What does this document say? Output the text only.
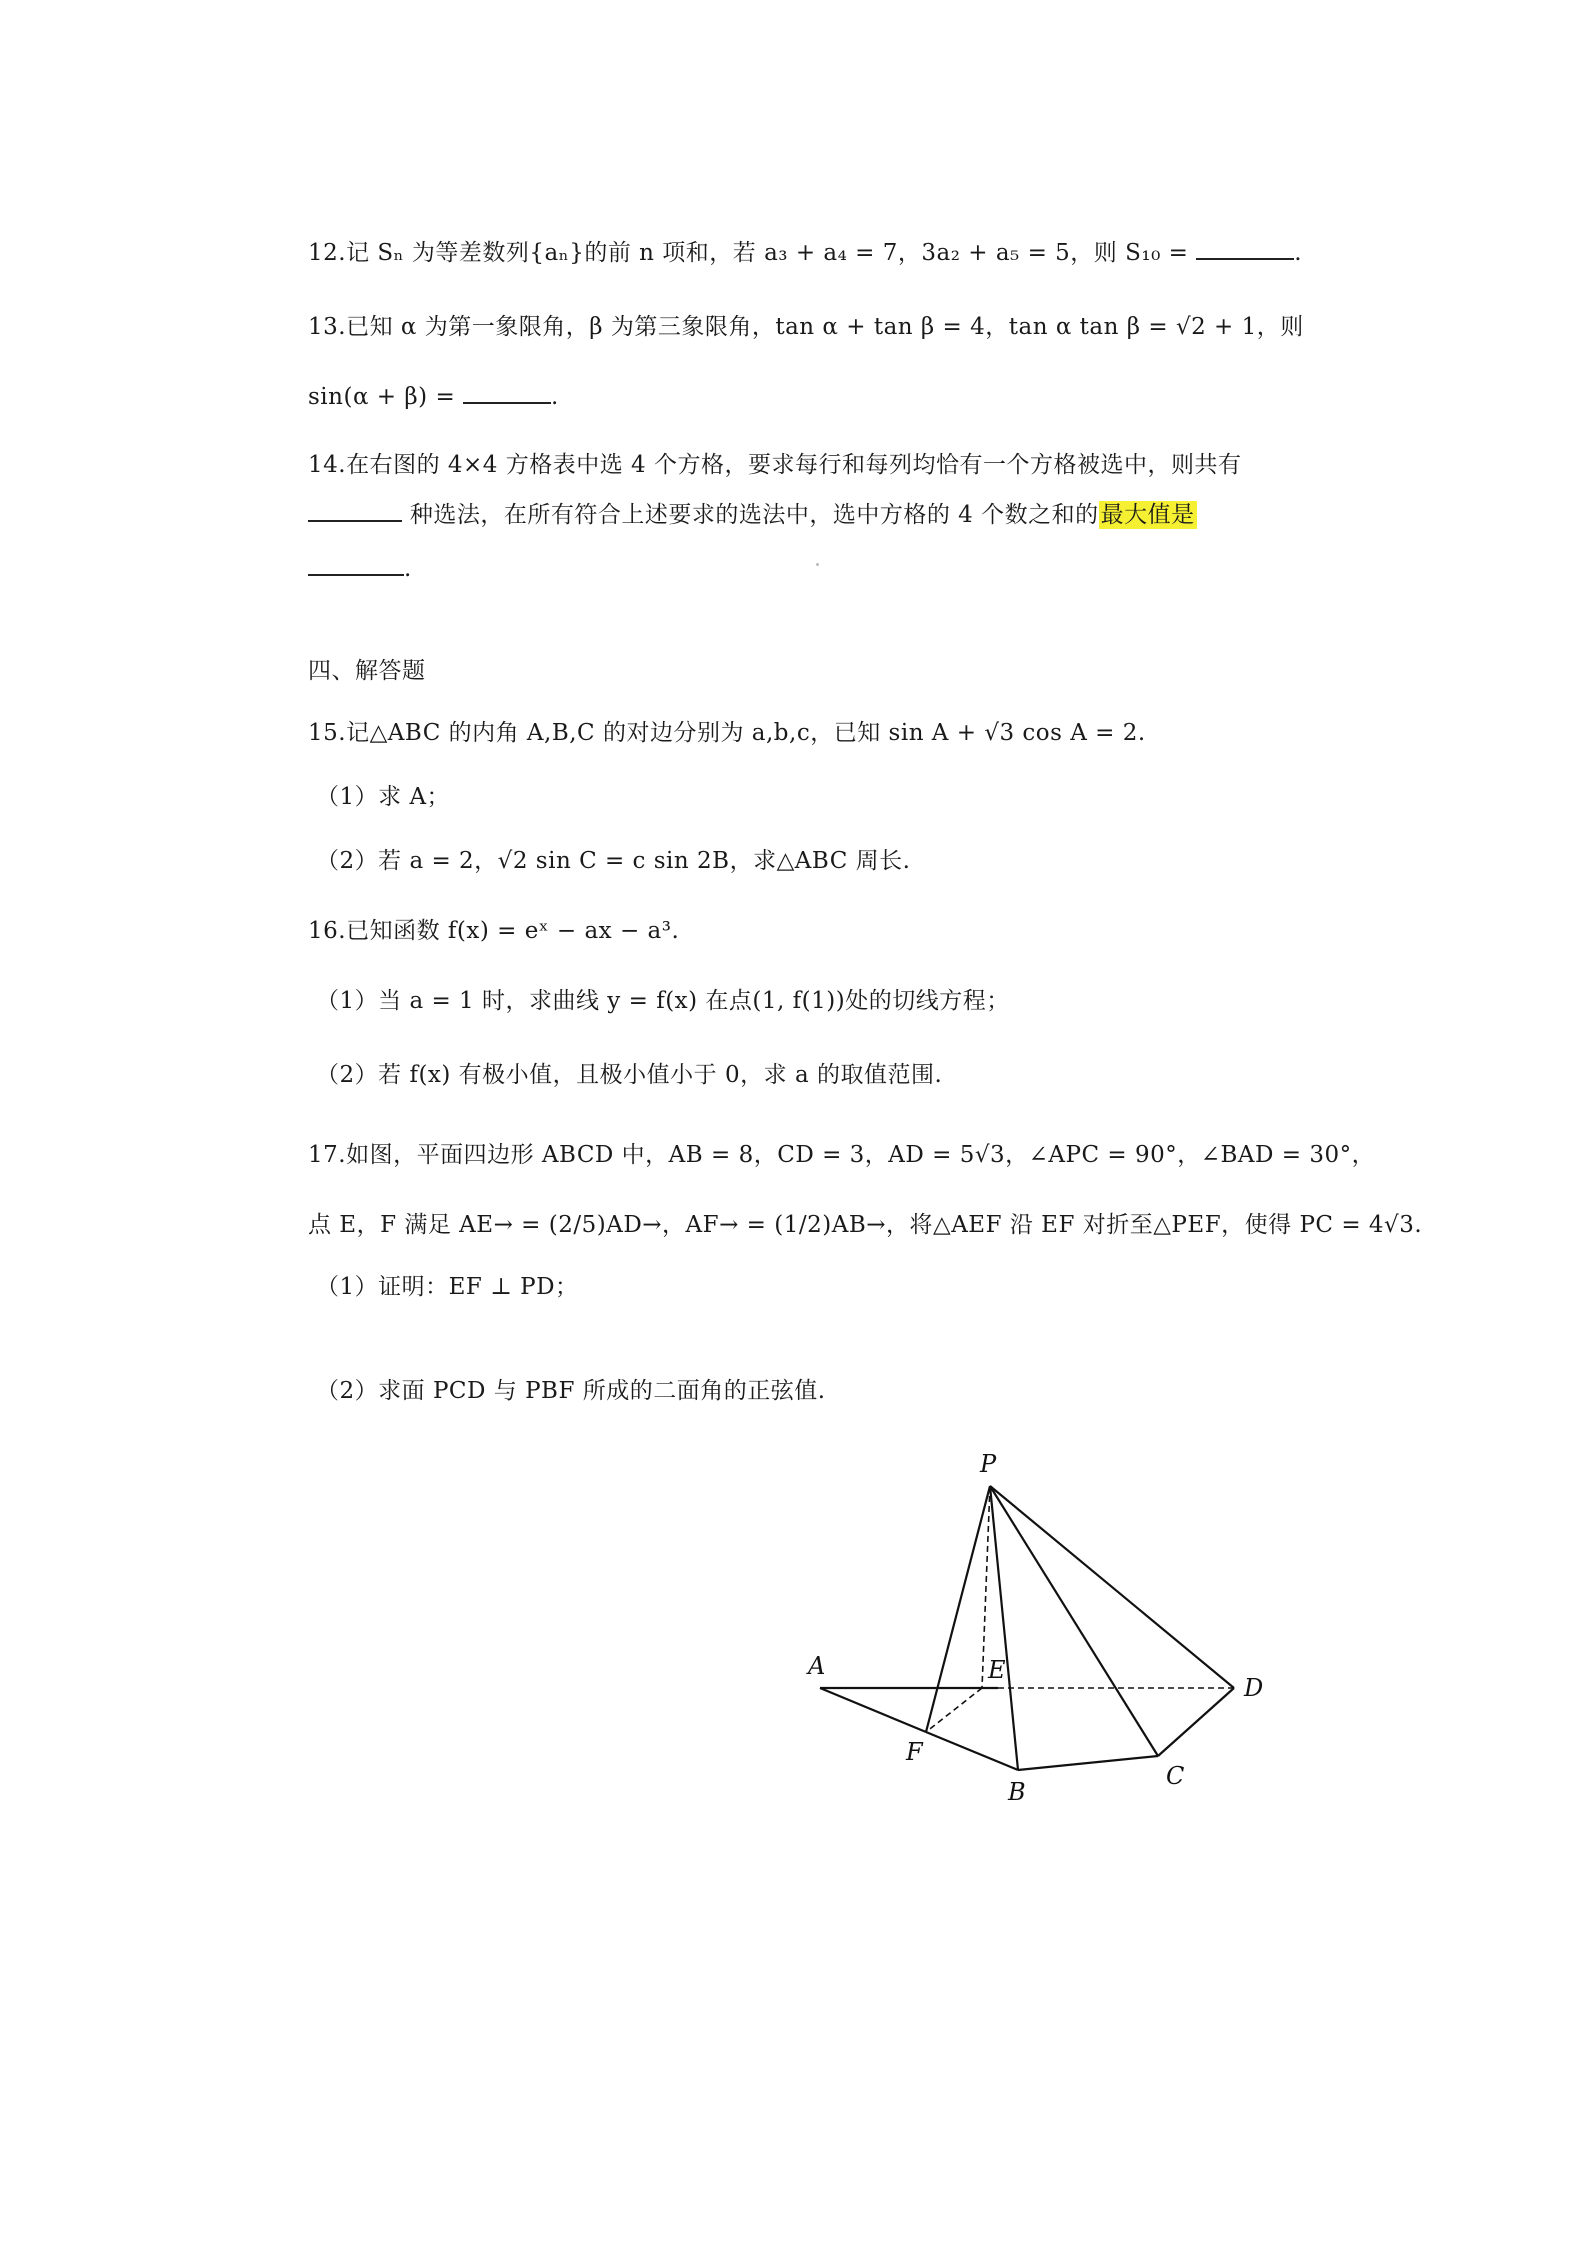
12.记 Sₙ 为等差数列{aₙ}的前 n 项和，若 a₃ + a₄ = 7，3a₂ + a₅ = 5，则 S₁₀ =	.
13.已知 α 为第一象限角，β 为第三象限角，tan α + tan β = 4，tan α tan β = √2 + 1，则
sin(α + β) =	.
14.在右图的 4×4 方格表中选 4 个方格，要求每行和每列均恰有一个方格被选中，则共有
种选法，在所有符合上述要求的选法中，选中方格的 4 个数之和的最大值是
.
四、解答题
15.记△ABC 的内角 A,B,C 的对边分别为 a,b,c，已知 sin A + √3 cos A = 2.
（1）求 A；
（2）若 a = 2，√2 sin C = c sin 2B，求△ABC 周长.
16.已知函数 f(x) = eˣ − ax − a³.
（1）当 a = 1 时，求曲线 y = f(x) 在点(1, f(1))处的切线方程；
（2）若 f(x) 有极小值，且极小值小于 0，求 a 的取值范围.
17.如图，平面四边形 ABCD 中，AB = 8，CD = 3，AD = 5√3，∠APC = 90°，∠BAD = 30°，
点 E，F 满足 AE→ = (2/5)AD→，AF→ = (1/2)AB→，将△AEF 沿 EF 对折至△PEF，使得 PC = 4√3.
（1）证明：EF ⊥ PD；
（2）求面 PCD 与 PBF 所成的二面角的正弦值.
P
A	E
D
F
B
C
